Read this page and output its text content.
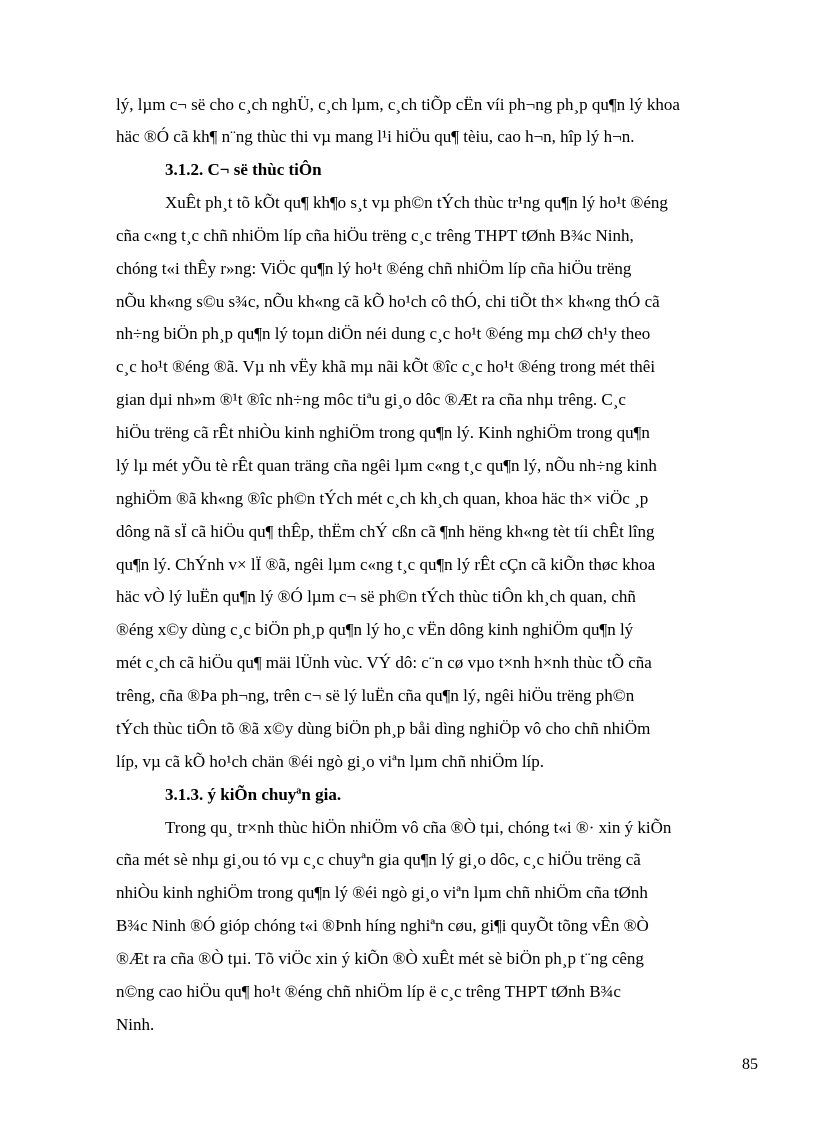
lý, lµm c¬ së cho c¸ch nghÜ, c¸ch lµm, c¸ch tiÕp cËn víi ph¬ng ph¸p qu¶n lý khoa
häc ®Ó cã kh¶ n¨ng thùc thi vµ mang l¹i hiÖu qu¶ tèiu, cao h¬n, hîp lý h¬n.
3.1.2. C¬ së thùc tiÔn
XuÊt ph¸t tõ kÕt qu¶ kh¶o s¸t vµ ph©n tÝch thùc tr¹ng qu¶n lý ho¹t ®éng
cña c«ng t¸c chñ nhiÖm líp cña hiÖu trëng c¸c trêng THPT tØnh B¾c Ninh,
chóng t«i thÊy r»ng: ViÖc qu¶n lý ho¹t ®éng chñ nhiÖm líp cña hiÖu trëng
nÕu kh«ng s©u s¾c, nÕu kh«ng cã kÕ ho¹ch cô thÓ, chi tiÕt th× kh«ng thÓ cã
nh÷ng biÖn ph¸p qu¶n lý toµn diÖn néi dung c¸c ho¹t ®éng mµ chØ ch¹y theo
c¸c ho¹t ®éng ®ã. Vµ nh vËy khã mµ nãi kÕt ®îc c¸c ho¹t ®éng trong mét thêi
gian dµi nh»m ®¹t ®îc nh÷ng môc tiªu gi¸o dôc ®Æt ra cña nhµ trêng. C¸c
hiÖu trëng cã rÊt nhiÒu kinh nghiÖm trong qu¶n lý. Kinh nghiÖm trong qu¶n
lý lµ mét yÕu tè rÊt quan träng cña ngêi lµm c«ng t¸c qu¶n lý, nÕu nh÷ng kinh
nghiÖm ®ã kh«ng ®îc ph©n tÝch mét c¸ch kh¸ch quan, khoa häc th× viÖc ¸p
dông nã sÏ cã hiÖu qu¶ thÊp, thËm chÝ cßn cã ¶nh hëng kh«ng tèt tíi chÊt lîng
qu¶n lý. ChÝnh v× lÏ ®ã, ngêi lµm c«ng t¸c qu¶n lý rÊt cÇn cã kiÕn thøc khoa
häc vÒ lý luËn qu¶n lý ®Ó lµm c¬ së ph©n tÝch thùc tiÔn kh¸ch quan, chñ
®éng x©y dùng c¸c biÖn ph¸p qu¶n lý ho¸c vËn dông kinh nghiÖm qu¶n lý
mét c¸ch cã hiÖu qu¶ mäi lÜnh vùc. VÝ dô: c¨n cø vµo t×nh h×nh thùc tÕ cña
trêng, cña ®Þa ph¬ng, trên c¬ së lý luËn cña qu¶n lý, ngêi hiÖu trëng ph©n
tÝch thùc tiÔn tõ ®ã x©y dùng biÖn ph¸p båi dìng nghiÖp vô cho chñ nhiÖm
líp, vµ cã kÕ ho¹ch chän ®éi ngò gi¸o viªn lµm chñ nhiÖm líp.
3.1.3. ý kiÕn chuyªn gia.
Trong qu¸ tr×nh thùc hiÖn nhiÖm vô cña ®Ò tµi, chóng t«i ®· xin ý kiÕn
cña mét sè nhµ gi¸ou tó vµ c¸c chuyªn gia qu¶n lý gi¸o dôc, c¸c hiÖu trëng cã
nhiÒu kinh nghiÖm trong qu¶n lý ®éi ngò gi¸o viªn lµm chñ nhiÖm cña tØnh
B¾c Ninh ®Ó gióp chóng t«i ®Þnh híng nghiªn cøu, gi¶i quyÕt tõng vÊn ®Ò
®Æt ra cña ®Ò tµi. Tõ viÖc xin ý kiÕn ®Ò xuÊt mét sè biÖn ph¸p t¨ng cêng
n©ng cao hiÖu qu¶ ho¹t ®éng chñ nhiÖm líp ë c¸c trêng THPT tØnh B¾c
Ninh.
85
